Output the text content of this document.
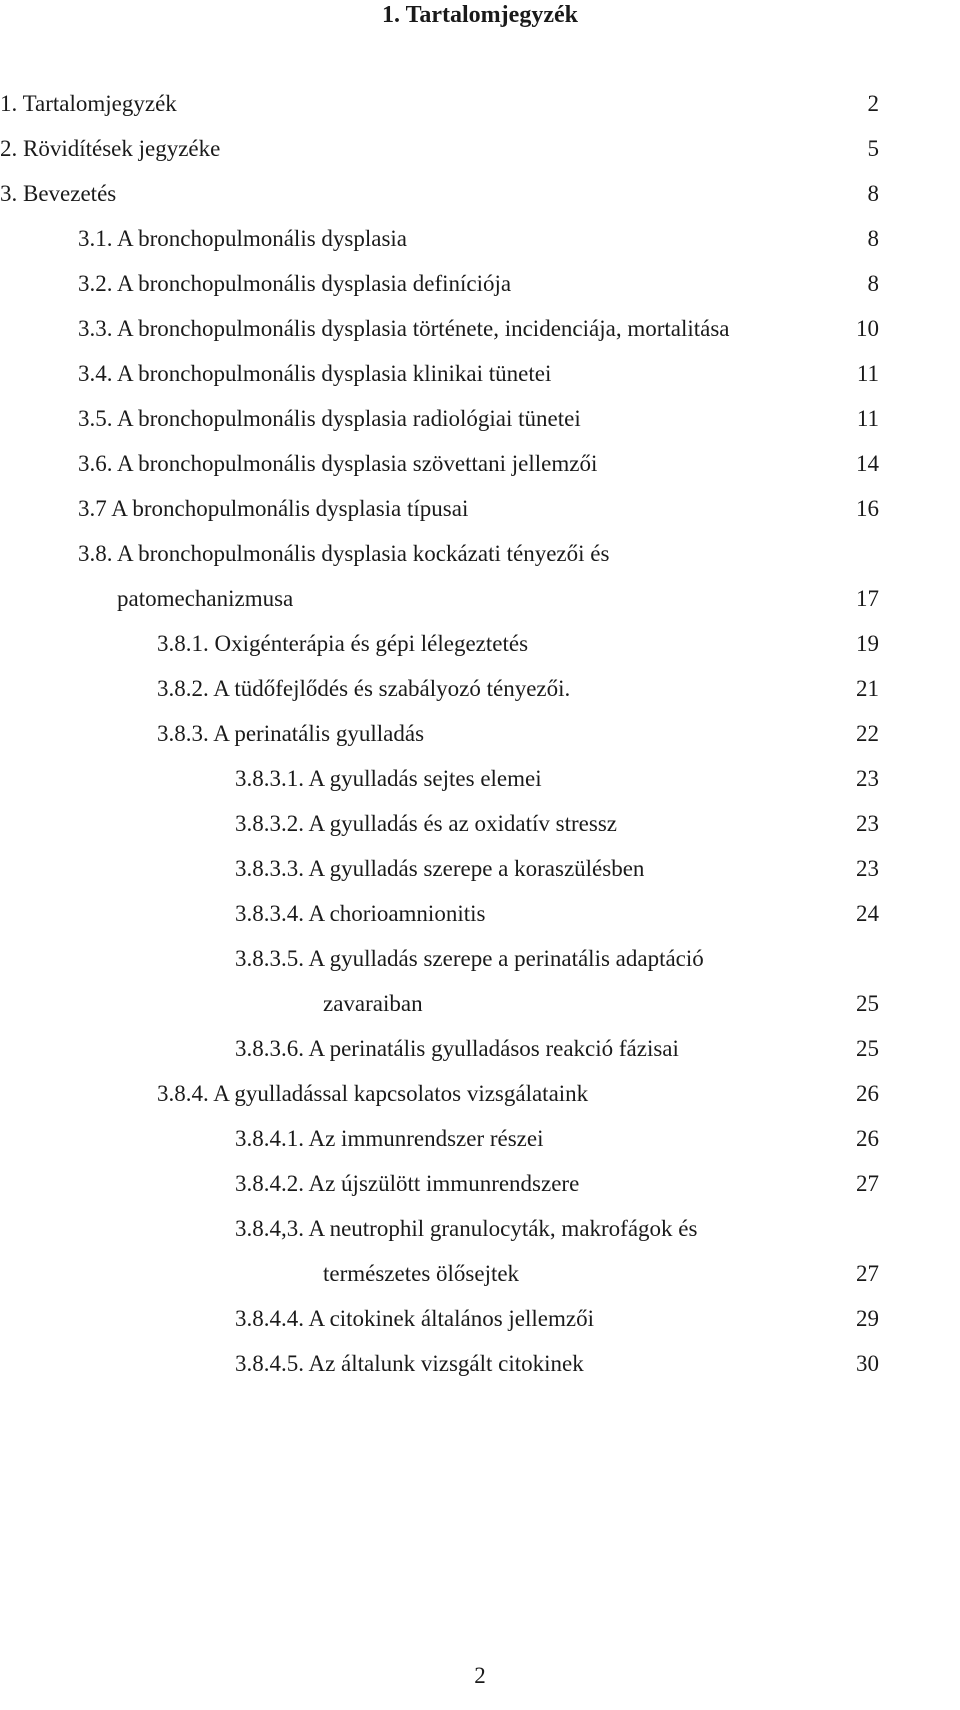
1. Tartalomjegyzék
1. Tartalomjegyzék	2
2. Rövidítések jegyzéke	5
3. Bevezetés	8
3.1. A bronchopulmonális dysplasia	8
3.2. A bronchopulmonális dysplasia definíciója	8
3.3. A bronchopulmonális dysplasia története, incidenciája, mortalitása	10
3.4. A bronchopulmonális dysplasia klinikai tünetei	11
3.5. A bronchopulmonális dysplasia radiológiai tünetei	11
3.6. A bronchopulmonális dysplasia szövettani jellemzői	14
3.7 A bronchopulmonális dysplasia típusai	16
3.8. A bronchopulmonális dysplasia kockázati tényezői és
patomechanizmusa	17
3.8.1. Oxigénterápia és gépi lélegeztetés	19
3.8.2. A tüdőfejlődés és szabályozó tényezői.	21
3.8.3. A perinatális gyulladás	22
3.8.3.1. A gyulladás sejtes elemei	23
3.8.3.2. A gyulladás és az oxidatív stressz	23
3.8.3.3. A gyulladás szerepe a koraszülésben	23
3.8.3.4. A chorioamnionitis	24
3.8.3.5. A gyulladás szerepe a perinatális adaptáció
zavaraiban	25
3.8.3.6. A perinatális gyulladásos reakció fázisai	25
3.8.4. A gyulladással kapcsolatos vizsgálataink	26
3.8.4.1. Az immunrendszer részei	26
3.8.4.2. Az újszülött immunrendszere	27
3.8.4,3. A neutrophil granulocyták, makrofágok és
természetes ölősejtek	27
3.8.4.4. A citokinek általános jellemzői	29
3.8.4.5. Az általunk vizsgált citokinek	30
2
